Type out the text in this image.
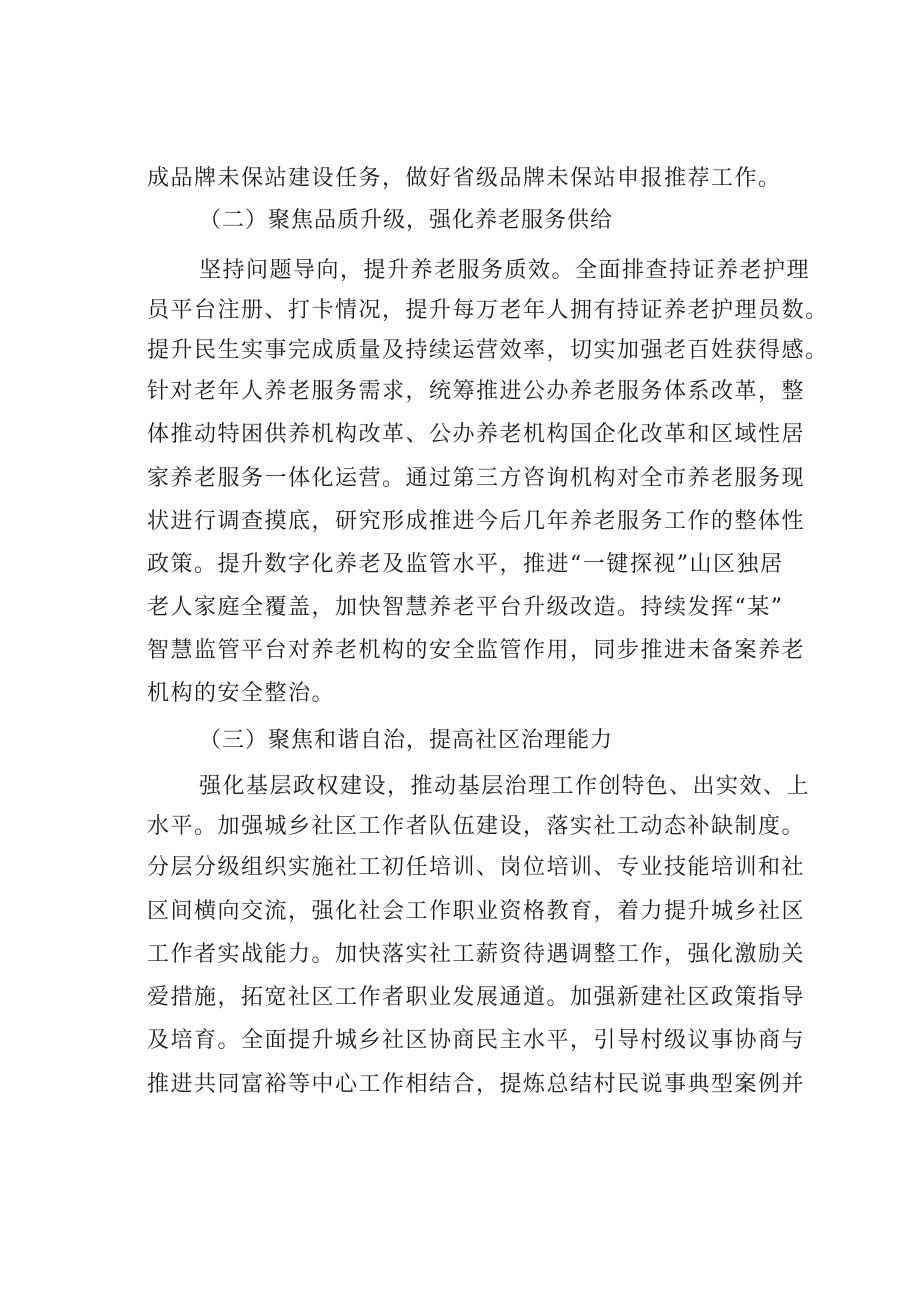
成品牌未保站建设任务，做好省级品牌未保站申报推荐工作。
（二）聚焦品质升级，强化养老服务供给
坚持问题导向，提升养老服务质效。全面排查持证养老护理
员平台注册、打卡情况，提升每万老年人拥有持证养老护理员数。
提升民生实事完成质量及持续运营效率，切实加强老百姓获得感。
针对老年人养老服务需求，统筹推进公办养老服务体系改革，整
体推动特困供养机构改革、公办养老机构国企化改革和区域性居
家养老服务一体化运营。通过第三方咨询机构对全市养老服务现
状进行调查摸底，研究形成推进今后几年养老服务工作的整体性
政策。提升数字化养老及监管水平，推进“一键探视”山区独居
老人家庭全覆盖，加快智慧养老平台升级改造。持续发挥“某”
智慧监管平台对养老机构的安全监管作用，同步推进未备案养老
机构的安全整治。
（三）聚焦和谐自治，提高社区治理能力
强化基层政权建设，推动基层治理工作创特色、出实效、上
水平。加强城乡社区工作者队伍建设，落实社工动态补缺制度。
分层分级组织实施社工初任培训、岗位培训、专业技能培训和社
区间横向交流，强化社会工作职业资格教育，着力提升城乡社区
工作者实战能力。加快落实社工薪资待遇调整工作，强化激励关
爱措施，拓宽社区工作者职业发展通道。加强新建社区政策指导
及培育。全面提升城乡社区协商民主水平，引导村级议事协商与
推进共同富裕等中心工作相结合，提炼总结村民说事典型案例并
